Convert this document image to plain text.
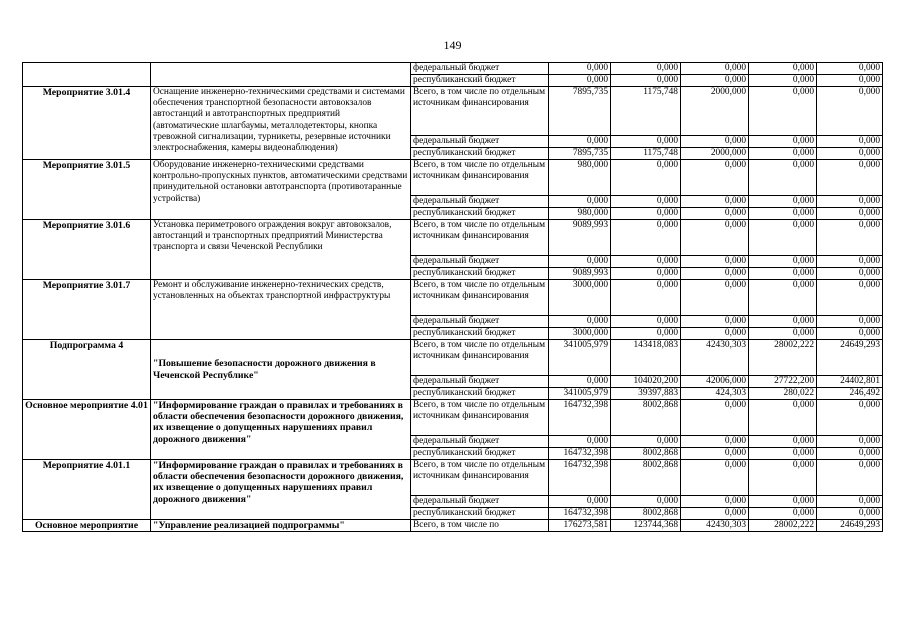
149
		федеральный бюджет	0,000	0,000	0,000	0,000	0,000
		республиканский бюджет	0,000	0,000	0,000	0,000	0,000
Мероприятие 3.01.4	Оснащение инженерно-техническими средствами и системами обеспечения транспортной безопасности автовокзалов автостанций и автотранспортных предприятий (автоматические шлагбаумы, металлодетекторы, кнопка тревожной сигнализации, турникеты, резервные источники электроснабжения, камеры видеонаблюдения)	Всего, в том числе по отдельным источникам финансирования	7895,735	1175,748	2000,000	0,000	0,000
		федеральный бюджет	0,000	0,000	0,000	0,000	0,000
		республиканский бюджет	7895,735	1175,748	2000,000	0,000	0,000
Мероприятие 3.01.5	Оборудование инженерно-техническими средствами контрольно-пропускных пунктов, автоматическими средствами принудительной остановки автотранспорта (противотаранные устройства)	Всего, в том числе по отдельным источникам финансирования	980,000	0,000	0,000	0,000	0,000
		федеральный бюджет	0,000	0,000	0,000	0,000	0,000
		республиканский бюджет	980,000	0,000	0,000	0,000	0,000
Мероприятие 3.01.6	Установка периметрового ограждения вокруг автовокзалов, автостанций и транспортных предприятий Министерства транспорта и связи Чеченской Республики	Всего, в том числе по отдельным источникам финансирования	9089,993	0,000	0,000	0,000	0,000
		федеральный бюджет	0,000	0,000	0,000	0,000	0,000
		республиканский бюджет	9089,993	0,000	0,000	0,000	0,000
Мероприятие 3.01.7	Ремонт и обслуживание инженерно-технических средств, установленных на объектах транспортной инфраструктуры	Всего, в том числе по отдельным источникам финансирования	3000,000	0,000	0,000	0,000	0,000
		федеральный бюджет	0,000	0,000	0,000	0,000	0,000
		республиканский бюджет	3000,000	0,000	0,000	0,000	0,000
Подпрограмма 4	"Повышение безопасности дорожного движения в Чеченской Республике"	Всего, в том числе по отдельным источникам финансирования	341005,979	143418,083	42430,303	28002,222	24649,293
		федеральный бюджет	0,000	104020,200	42006,000	27722,200	24402,801
		республиканский бюджет	341005,979	39397,883	424,303	280,022	246,492
Основное мероприятие 4.01	"Информирование граждан о правилах и требованиях в области обеспечения безопасности дорожного движения, их извещение о допущенных нарушениях правил дорожного движения"	Всего, в том числе по отдельным источникам финансирования	164732,398	8002,868	0,000	0,000	0,000
		федеральный бюджет	0,000	0,000	0,000	0,000	0,000
		республиканский бюджет	164732,398	8002,868	0,000	0,000	0,000
Мероприятие 4.01.1	"Информирование граждан о правилах и требованиях в области обеспечения безопасности дорожного движения, их извещение о допущенных нарушениях правил дорожного движения"	Всего, в том числе по отдельным источникам финансирования	164732,398	8002,868	0,000	0,000	0,000
		федеральный бюджет	0,000	0,000	0,000	0,000	0,000
		республиканский бюджет	164732,398	8002,868	0,000	0,000	0,000
Основное мероприятие	"Управление реализацией подпрограммы"	Всего, в том числе по	176273,581	123744,368	42430,303	28002,222	24649,293
